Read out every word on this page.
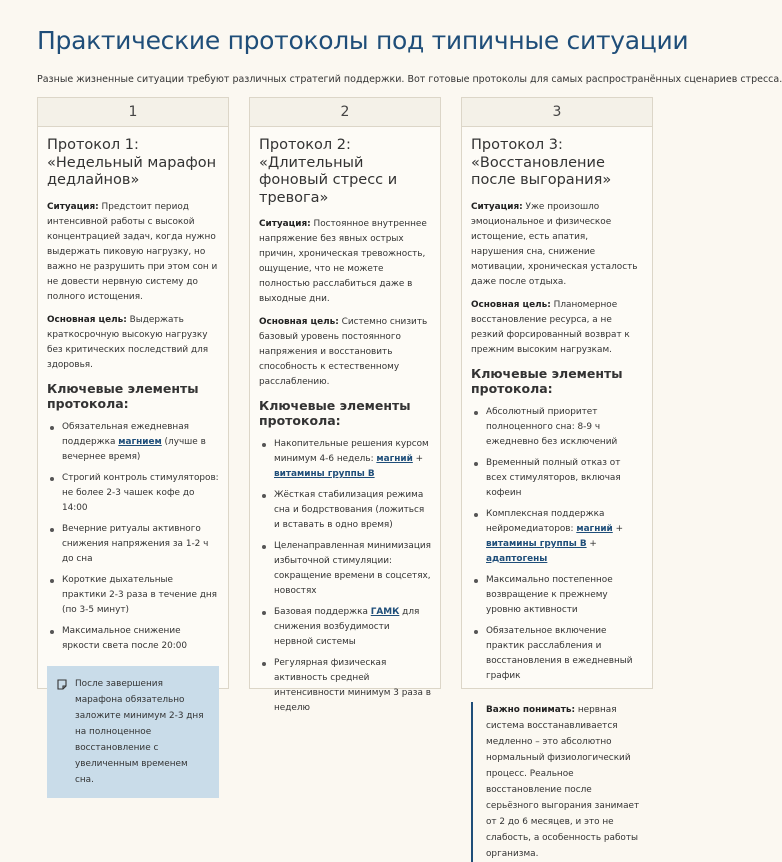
Практические протоколы под типичные ситуации

Разные жизненные ситуации требуют различных стратегий поддержки. Вот готовые протоколы для самых распространённых сценариев стресса.

1
Протокол 1: «Недельный марафон дедлайнов»

Ситуация: Предстоит период интенсивной работы с высокой концентрацией задач, когда нужно выдержать пиковую нагрузку, но важно не разрушить при этом сон и не довести нервную систему до полного истощения.

Основная цель: Выдержать краткосрочную высокую нагрузку без критических последствий для здоровья.

Ключевые элементы протокола:
Обязательная ежедневная поддержка магнием (лучше в вечернее время)
Строгий контроль стимуляторов: не более 2-3 чашек кофе до 14:00
Вечерние ритуалы активного снижения напряжения за 1-2 ч до сна
Короткие дыхательные практики 2-3 раза в течение дня (по 3-5 минут)
Максимальное снижение яркости света после 20:00
После завершения марафона обязательно заложите минимум 2-3 дня на полноценное восстановление с увеличенным временем сна.
2
Протокол 2: «Длительный фоновый стресс и тревога»

Ситуация: Постоянное внутреннее напряжение без явных острых причин, хроническая тревожность, ощущение, что не можете полностью расслабиться даже в выходные дни.

Основная цель: Системно снизить базовый уровень постоянного напряжения и восстановить способность к естественному расслаблению.

Ключевые элементы протокола:
Накопительные решения курсом минимум 4-6 недель: магний + витамины группы B
Жёсткая стабилизация режима сна и бодрствования (ложиться и вставать в одно время)
Целенаправленная минимизация избыточной стимуляции: сокращение времени в соцсетях, новостях
Базовая поддержка ГАМК для снижения возбудимости нервной системы
Регулярная физическая активность средней интенсивности минимум 3 раза в неделю
3
Протокол 3: «Восстановление после выгорания»

Ситуация: Уже произошло эмоциональное и физическое истощение, есть апатия, нарушения сна, снижение мотивации, хроническая усталость даже после отдыха.

Основная цель: Планомерное восстановление ресурса, а не резкий форсированный возврат к прежним высоким нагрузкам.

Ключевые элементы протокола:
Абсолютный приоритет полноценного сна: 8-9 ч ежедневно без исключений
Временный полный отказ от всех стимуляторов, включая кофеин
Комплексная поддержка нейромедиаторов: магний + витамины группы B + адаптогены
Максимально постепенное возвращение к прежнему уровню активности
Обязательное включение практик расслабления и восстановления в ежедневный график
Важно понимать: нервная система восстанавливается медленно – это абсолютно нормальный физиологический процесс. Реальное восстановление после серьёзного выгорания занимает от 2 до 6 месяцев, и это не слабость, а особенность работы организма.
